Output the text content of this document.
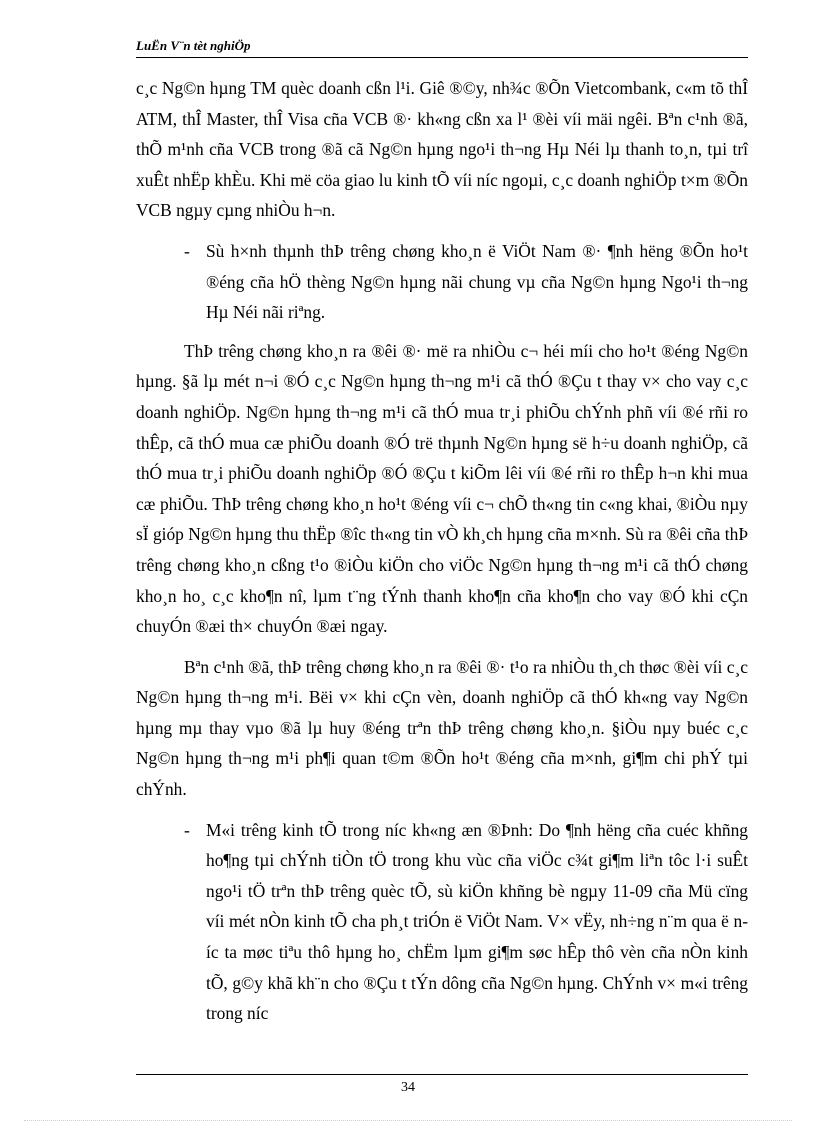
LuËn V¨n tèt nghiÖp

c¸c Ng©n hµng TM quèc doanh cßn l¹i. Giê ®©y, nh¾c ®Õn Vietcombank, c«m tõ thÎ ATM, thÎ Master, thÎ Visa cña VCB ®· kh«ng cßn xa l¹ ®èi víi mäi ngêi. Bªn c¹nh ®ã, thÕ m¹nh cña VCB trong ®ã cã Ng©n hµng ngo¹i th¬ng Hµ Néi lµ thanh to¸n, tµi trî xuÊt nhËp khÈu. Khi më cöa giao lu kinh tÕ víi níc ngoµi, c¸c doanh nghiÖp t×m ®Õn VCB ngµy cµng nhiÒu h¬n.

- Sù h×nh thµnh thÞ trêng chøng kho¸n ë ViÖt Nam ®· ¶nh hëng ®Õn ho¹t ®éng cña hÖ thèng Ng©n hµng nãi chung vµ cña Ng©n hµng Ngo¹i th¬ng Hµ Néi nãi riªng.

ThÞ trêng chøng kho¸n ra ®êi ®· më ra nhiÒu c¬ héi míi cho ho¹t ®éng Ng©n hµng. §ã lµ mét n¬i ®Ó c¸c Ng©n hµng th¬ng m¹i cã thÓ ®Çu t thay v× cho vay c¸c doanh nghiÖp. Ng©n hµng th¬ng m¹i cã thÓ mua tr¸i phiÕu chÝnh phñ víi ®é rñi ro thÊp, cã thÓ mua cæ phiÕu doanh ®Ó trë thµnh Ng©n hµng së h÷u doanh nghiÖp, cã thÓ mua tr¸i phiÕu doanh nghiÖp ®Ó ®Çu t kiÕm lêi víi ®é rñi ro thÊp h¬n khi mua cæ phiÕu. ThÞ trêng chøng kho¸n ho¹t ®éng víi c¬ chÕ th«ng tin c«ng khai, ®iÒu nµy sÏ gióp Ng©n hµng thu thËp ®îc th«ng tin vÒ kh¸ch hµng cña m×nh. Sù ra ®êi cña thÞ trêng chøng kho¸n cßng t¹o ®iÒu kiÖn cho viÖc Ng©n hµng th¬ng m¹i cã thÓ chøng kho¸n ho¸ c¸c kho¶n nî, lµm t¨ng tÝnh thanh kho¶n cña kho¶n cho vay ®Ó khi cÇn chuyÓn ®æi th× chuyÓn ®æi ngay.

Bªn c¹nh ®ã, thÞ trêng chøng kho¸n ra ®êi ®· t¹o ra nhiÒu th¸ch thøc ®èi víi c¸c Ng©n hµng th¬ng m¹i. Bëi v× khi cÇn vèn, doanh nghiÖp cã thÓ kh«ng vay Ng©n hµng mµ thay vµo ®ã lµ huy ®éng trªn thÞ trêng chøng kho¸n. §iÒu nµy buéc c¸c Ng©n hµng th¬ng m¹i ph¶i quan t©m ®Õn ho¹t ®éng cña m×nh, gi¶m chi phÝ tµi chÝnh.

- M«i trêng kinh tÕ trong níc kh«ng æn ®Þnh: Do ¶nh hëng cña cuéc khñng ho¶ng tµi chÝnh tiÒn tÖ trong khu vùc cña viÖc c¾t gi¶m liªn tôc l·i suÊt ngo¹i tÖ trªn thÞ trêng quèc tÕ, sù kiÖn khñng bè ngµy 11-09 cña Mü cïng víi mét nÒn kinh tÕ cha ph¸t triÓn ë ViÖt Nam. V× vËy, nh÷ng n¨m qua ë níc ta møc tiªu thô hµng ho¸ chËm lµm gi¶m søc hÊp thô vèn cña nÒn kinh tÕ, g©y khã kh¨n cho ®Çu t tÝn dông cña Ng©n hµng. ChÝnh v× m«i trêng trong níc
34
